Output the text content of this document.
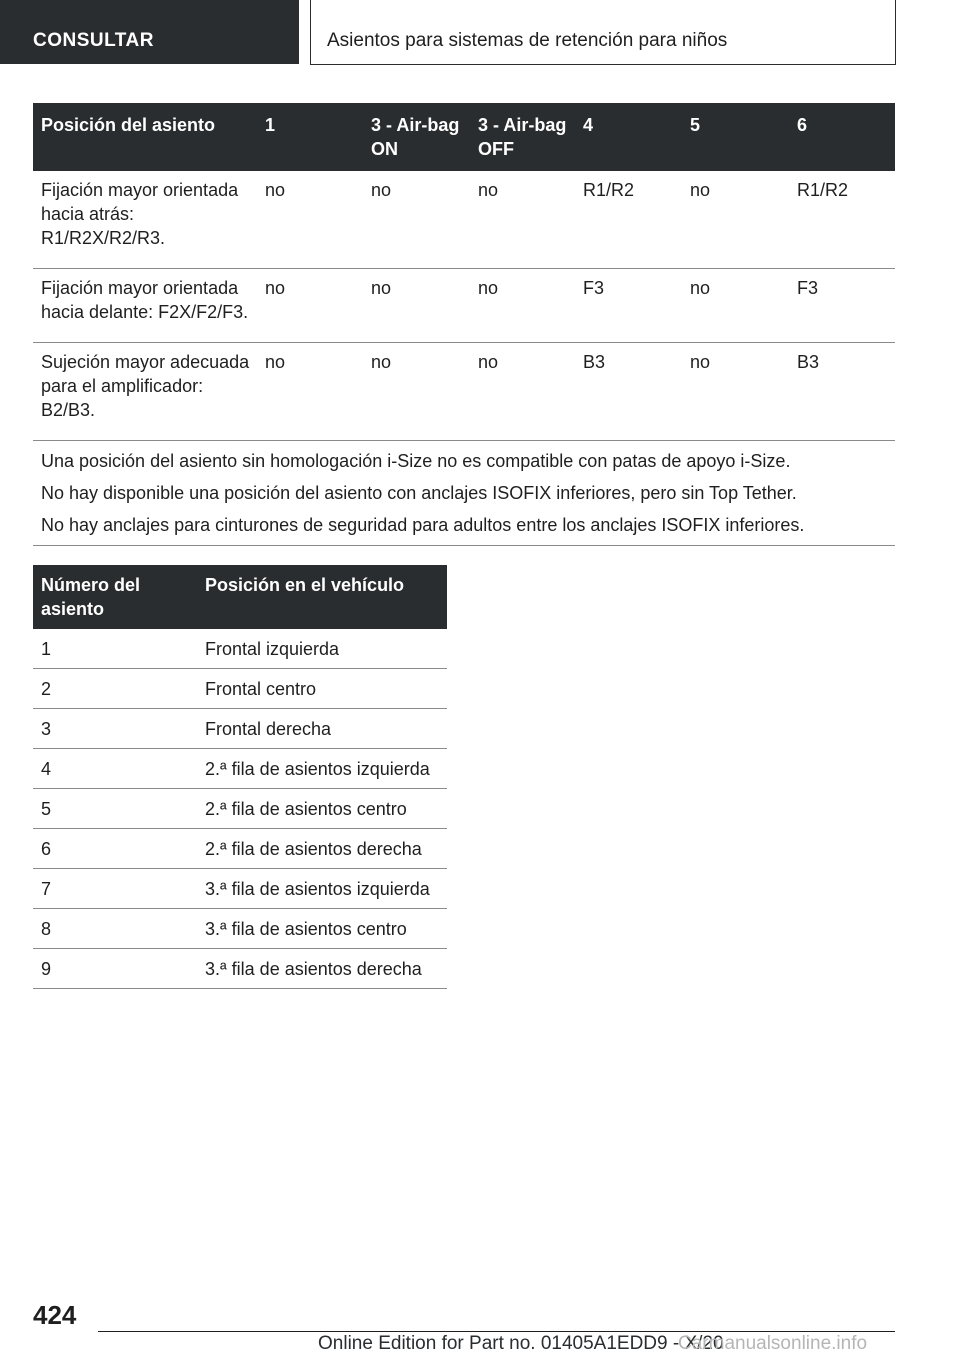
CONSULTAR	Asientos para sistemas de retención para niños
Posición del asiento	1	3 - Air-bag ON	3 - Air-bag OFF	4	5	6
Fijación mayor orientada hacia atrás: R1/R2X/R2/R3.	no	no	no	R1/R2	no	R1/R2
Fijación mayor orientada hacia delante: F2X/F2/F3.	no	no	no	F3	no	F3
Sujeción mayor adecuada para el amplificador: B2/B3.	no	no	no	B3	no	B3

Una posición del asiento sin homologación i-Size no es compatible con patas de apoyo i-Size.
No hay disponible una posición del asiento con anclajes ISOFIX inferiores, pero sin Top Tether.
No hay anclajes para cinturones de seguridad para adultos entre los anclajes ISOFIX inferiores.						
Número del asiento	Posición en el vehículo
1	Frontal izquierda
2	Frontal centro
3	Frontal derecha
4	2.ª fila de asientos izquierda
5	2.ª fila de asientos centro
6	2.ª fila de asientos derecha
7	3.ª fila de asientos izquierda
8	3.ª fila de asientos centro
9	3.ª fila de asientos derecha
424
Online Edition for Part no. 01405A1EDD9 - X/20
Carmanualsonline.info
